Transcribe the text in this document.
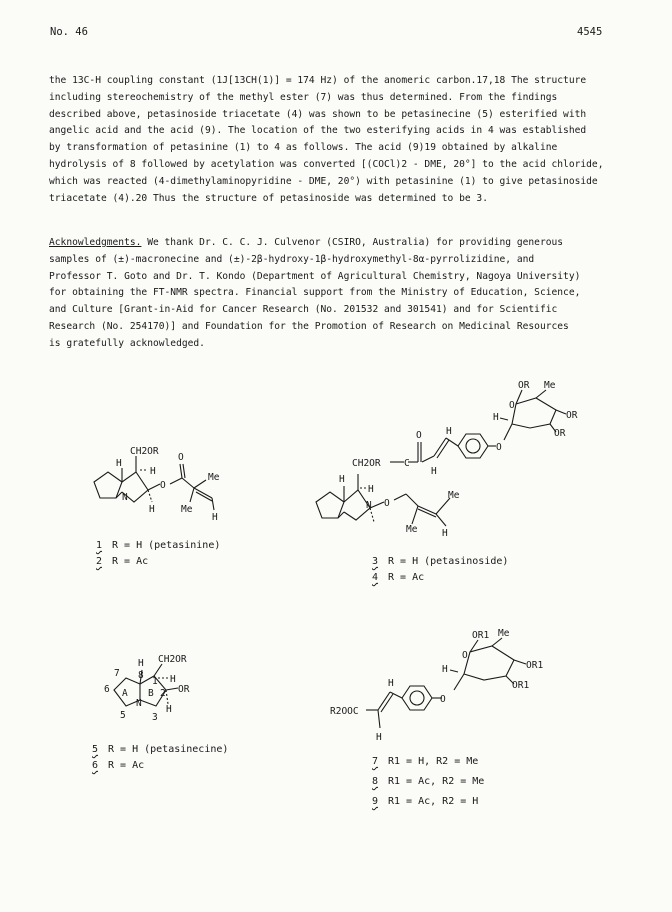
No. 46	4545
the 13C-H coupling constant (1J[13CH(1)] = 174 Hz) of the anomeric carbon.17,18 The structure
including stereochemistry of the methyl ester (7) was thus determined. From the findings
described above, petasinoside triacetate (4) was shown to be petasinecine (5) esterified with
angelic acid and the acid (9). The location of the two esterifying acids in 4 was established
by transformation of petasinine (1) to 4 as follows. The acid (9)19 obtained by alkaline
hydrolysis of 8 followed by acetylation was converted [(COCl)2 - DME, 20°] to the acid chloride,
which was reacted (4-dimethylaminopyridine - DME, 20°) with petasinine (1) to give petasinoside
triacetate (4).20 Thus the structure of petasinoside was determined to be 3.
Acknowledgments. We thank Dr. C. C. J. Culvenor (CSIRO, Australia) for providing generous
samples of (±)-macronecine and (±)-2β-hydroxy-1β-hydroxymethyl-8α-pyrrolizidine, and
Professor T. Goto and Dr. T. Kondo (Department of Agricultural Chemistry, Nagoya University)
for obtaining the FT-NMR spectra. Financial support from the Ministry of Education, Science,
and Culture [Grant-in-Aid for Cancer Research (No. 201532 and 301541) and for Scientific
Research (No. 254170)] and Foundation for the Promotion of Research on Medicinal Resources
is gratefully acknowledged.
N
H
CH2OR
H
O
H
O
Me
Me
H
N
H
CH2OR
H
O
C
O	H
H
O
H
O
OR Me
OR
OR
Me
Me	H
6
7 8
1
2
3
5
A B
N
H CH2OR
H
OR
H	R2OOC
H
H
O
H
O
OR1 Me
OR1
OR1
1 R = H (petasinine)
2 R = Ac	3 R = H (petasinoside)
4 R = Ac
5 R = H (petasinecine)
6 R = Ac	7 R1 = H, R2 = Me
8 R1 = Ac, R2 = Me
9 R1 = Ac, R2 = H
